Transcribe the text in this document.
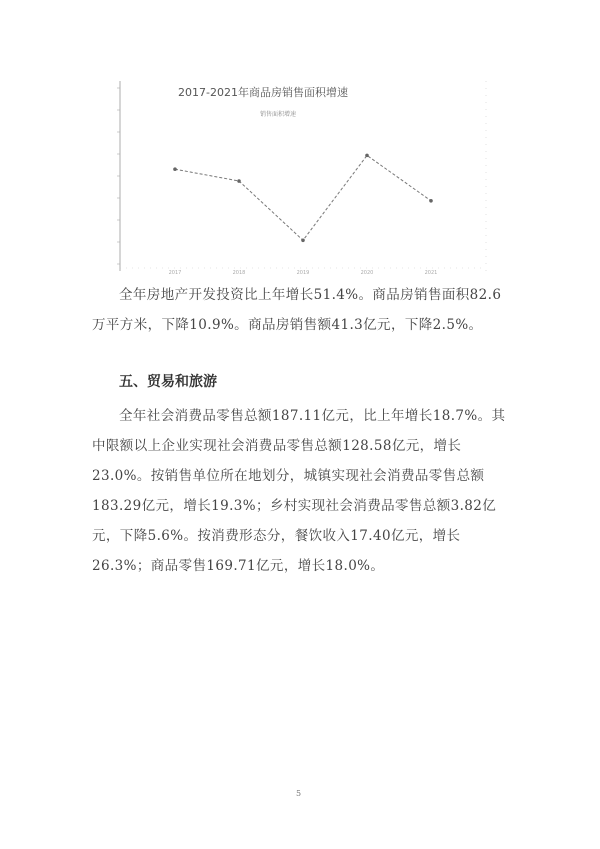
2017	2018	2019	2020	2021
2017-2021年商品房销售面积增速
销售面积增速

全年房地产开发投资比上年增长51.4%。商品房销售面积82.6万平方米，下降10.9%。商品房销售额41.3亿元，下降2.5%。

五、贸易和旅游

全年社会消费品零售总额187.11亿元，比上年增长18.7%。其中限额以上企业实现社会消费品零售总额128.58亿元，增长23.0%。按销售单位所在地划分，城镇实现社会消费品零售总额183.29亿元，增长19.3%；乡村实现社会消费品零售总额3.82亿元，下降5.6%。按消费形态分，餐饮收入17.40亿元，增长26.3%；商品零售169.71亿元，增长18.0%。

5
